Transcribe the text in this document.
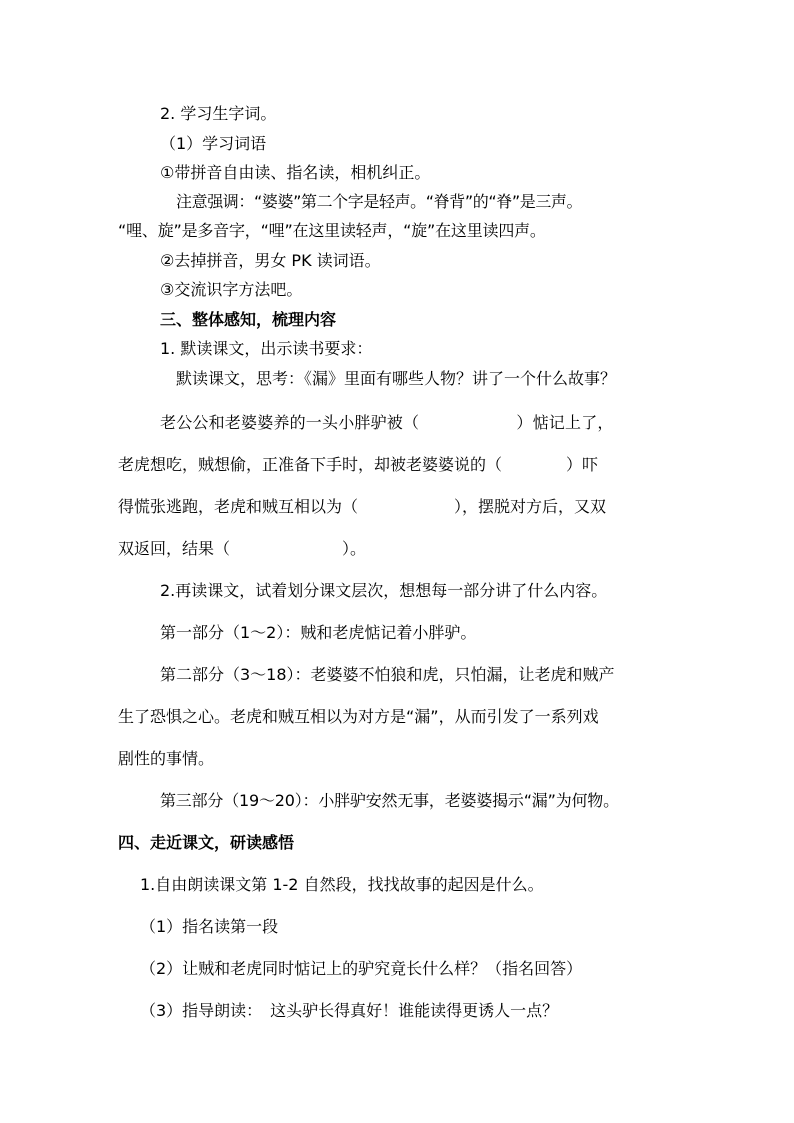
2. 学习生字词。
（1）学习词语
①带拼音自由读、指名读，相机纠正。
注意强调：“婆婆”第二个字是轻声。“脊背”的“脊”是三声。
“哩、旋”是多音字，“哩”在这里读轻声，“旋”在这里读四声。
②去掉拼音，男女 PK 读词语。
③交流识字方法吧。
三、整体感知，梳理内容
1. 默读课文，出示读书要求：
默读课文，思考：《漏》里面有哪些人物？讲了一个什么故事？
老公公和老婆婆养的一头小胖驴被（　　　　　　）惦记上了，
老虎想吃，贼想偷，正准备下手时，却被老婆婆说的（　　　　）吓
得慌张逃跑，老虎和贼互相以为（　　　　　　），摆脱对方后，又双
双返回，结果（　　　　　　　）。
2.再读课文，试着划分课文层次，想想每一部分讲了什么内容。
第一部分（1～2）：贼和老虎惦记着小胖驴。
第二部分（3～18）：老婆婆不怕狼和虎，只怕漏，让老虎和贼产
生了恐惧之心。老虎和贼互相以为对方是“漏”，从而引发了一系列戏
剧性的事情。
第三部分（19～20）：小胖驴安然无事，老婆婆揭示“漏”为何物。
四、走近课文，研读感悟
1.自由朗读课文第 1-2 自然段，找找故事的起因是什么。
（1）指名读第一段
（2）让贼和老虎同时惦记上的驴究竟长什么样？（指名回答）
（3）指导朗读：　这头驴长得真好！谁能读得更诱人一点？
